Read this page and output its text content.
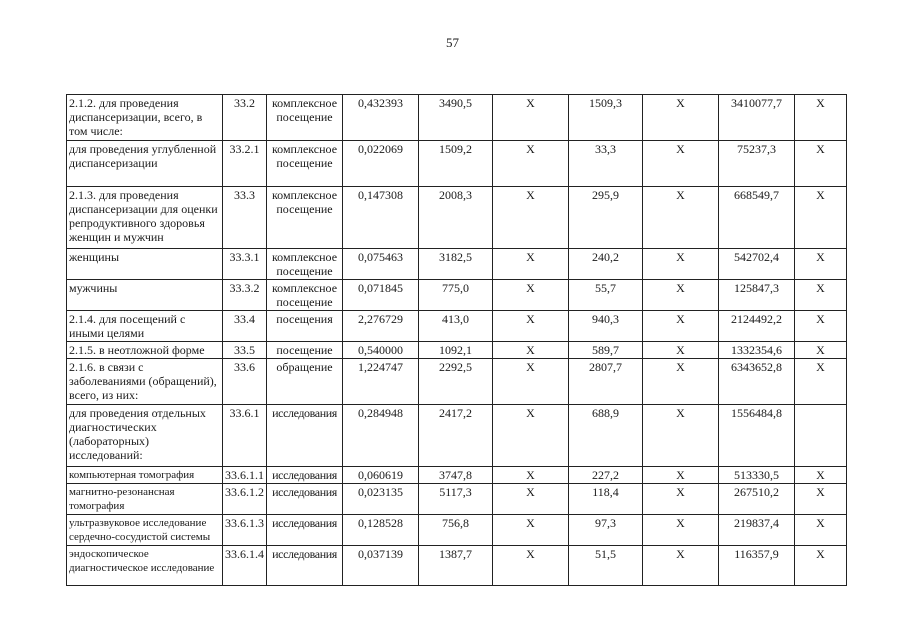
57
2.1.2. для проведения диспансеризации, всего, в том числе:	33.2	комплексное посещение	0,432393	3490,5	Х	1509,3	Х	3410077,7	Х
для проведения углубленной диспансеризации	33.2.1	комплексное посещение	0,022069	1509,2	Х	33,3	Х	75237,3	Х
2.1.3. для проведения диспансеризации для оценки репродуктивного здоровья женщин и мужчин	33.3	комплексное посещение	0,147308	2008,3	Х	295,9	Х	668549,7	Х
женщины	33.3.1	комплексное посещение	0,075463	3182,5	Х	240,2	Х	542702,4	Х
мужчины	33.3.2	комплексное посещение	0,071845	775,0	Х	55,7	Х	125847,3	Х
2.1.4. для посещений с иными целями	33.4	посещения	2,276729	413,0	Х	940,3	Х	2124492,2	Х
2.1.5. в неотложной форме	33.5	посещение	0,540000	1092,1	Х	589,7	Х	1332354,6	Х
2.1.6. в связи с заболеваниями (обращений), всего, из них:	33.6	обращение	1,224747	2292,5	Х	2807,7	Х	6343652,8	Х
для проведения отдельных диагностических (лабораторных) исследований:	33.6.1	исследования	0,284948	2417,2	Х	688,9	Х	1556484,8	
компьютерная томография	33.6.1.1	исследования	0,060619	3747,8	Х	227,2	Х	513330,5	Х
магнитно-резонансная томография	33.6.1.2	исследования	0,023135	5117,3	Х	118,4	Х	267510,2	Х
ультразвуковое исследование сердечно-сосудистой системы	33.6.1.3	исследования	0,128528	756,8	Х	97,3	Х	219837,4	Х
эндоскопическое диагностическое исследование	33.6.1.4	исследования	0,037139	1387,7	Х	51,5	Х	116357,9	Х
